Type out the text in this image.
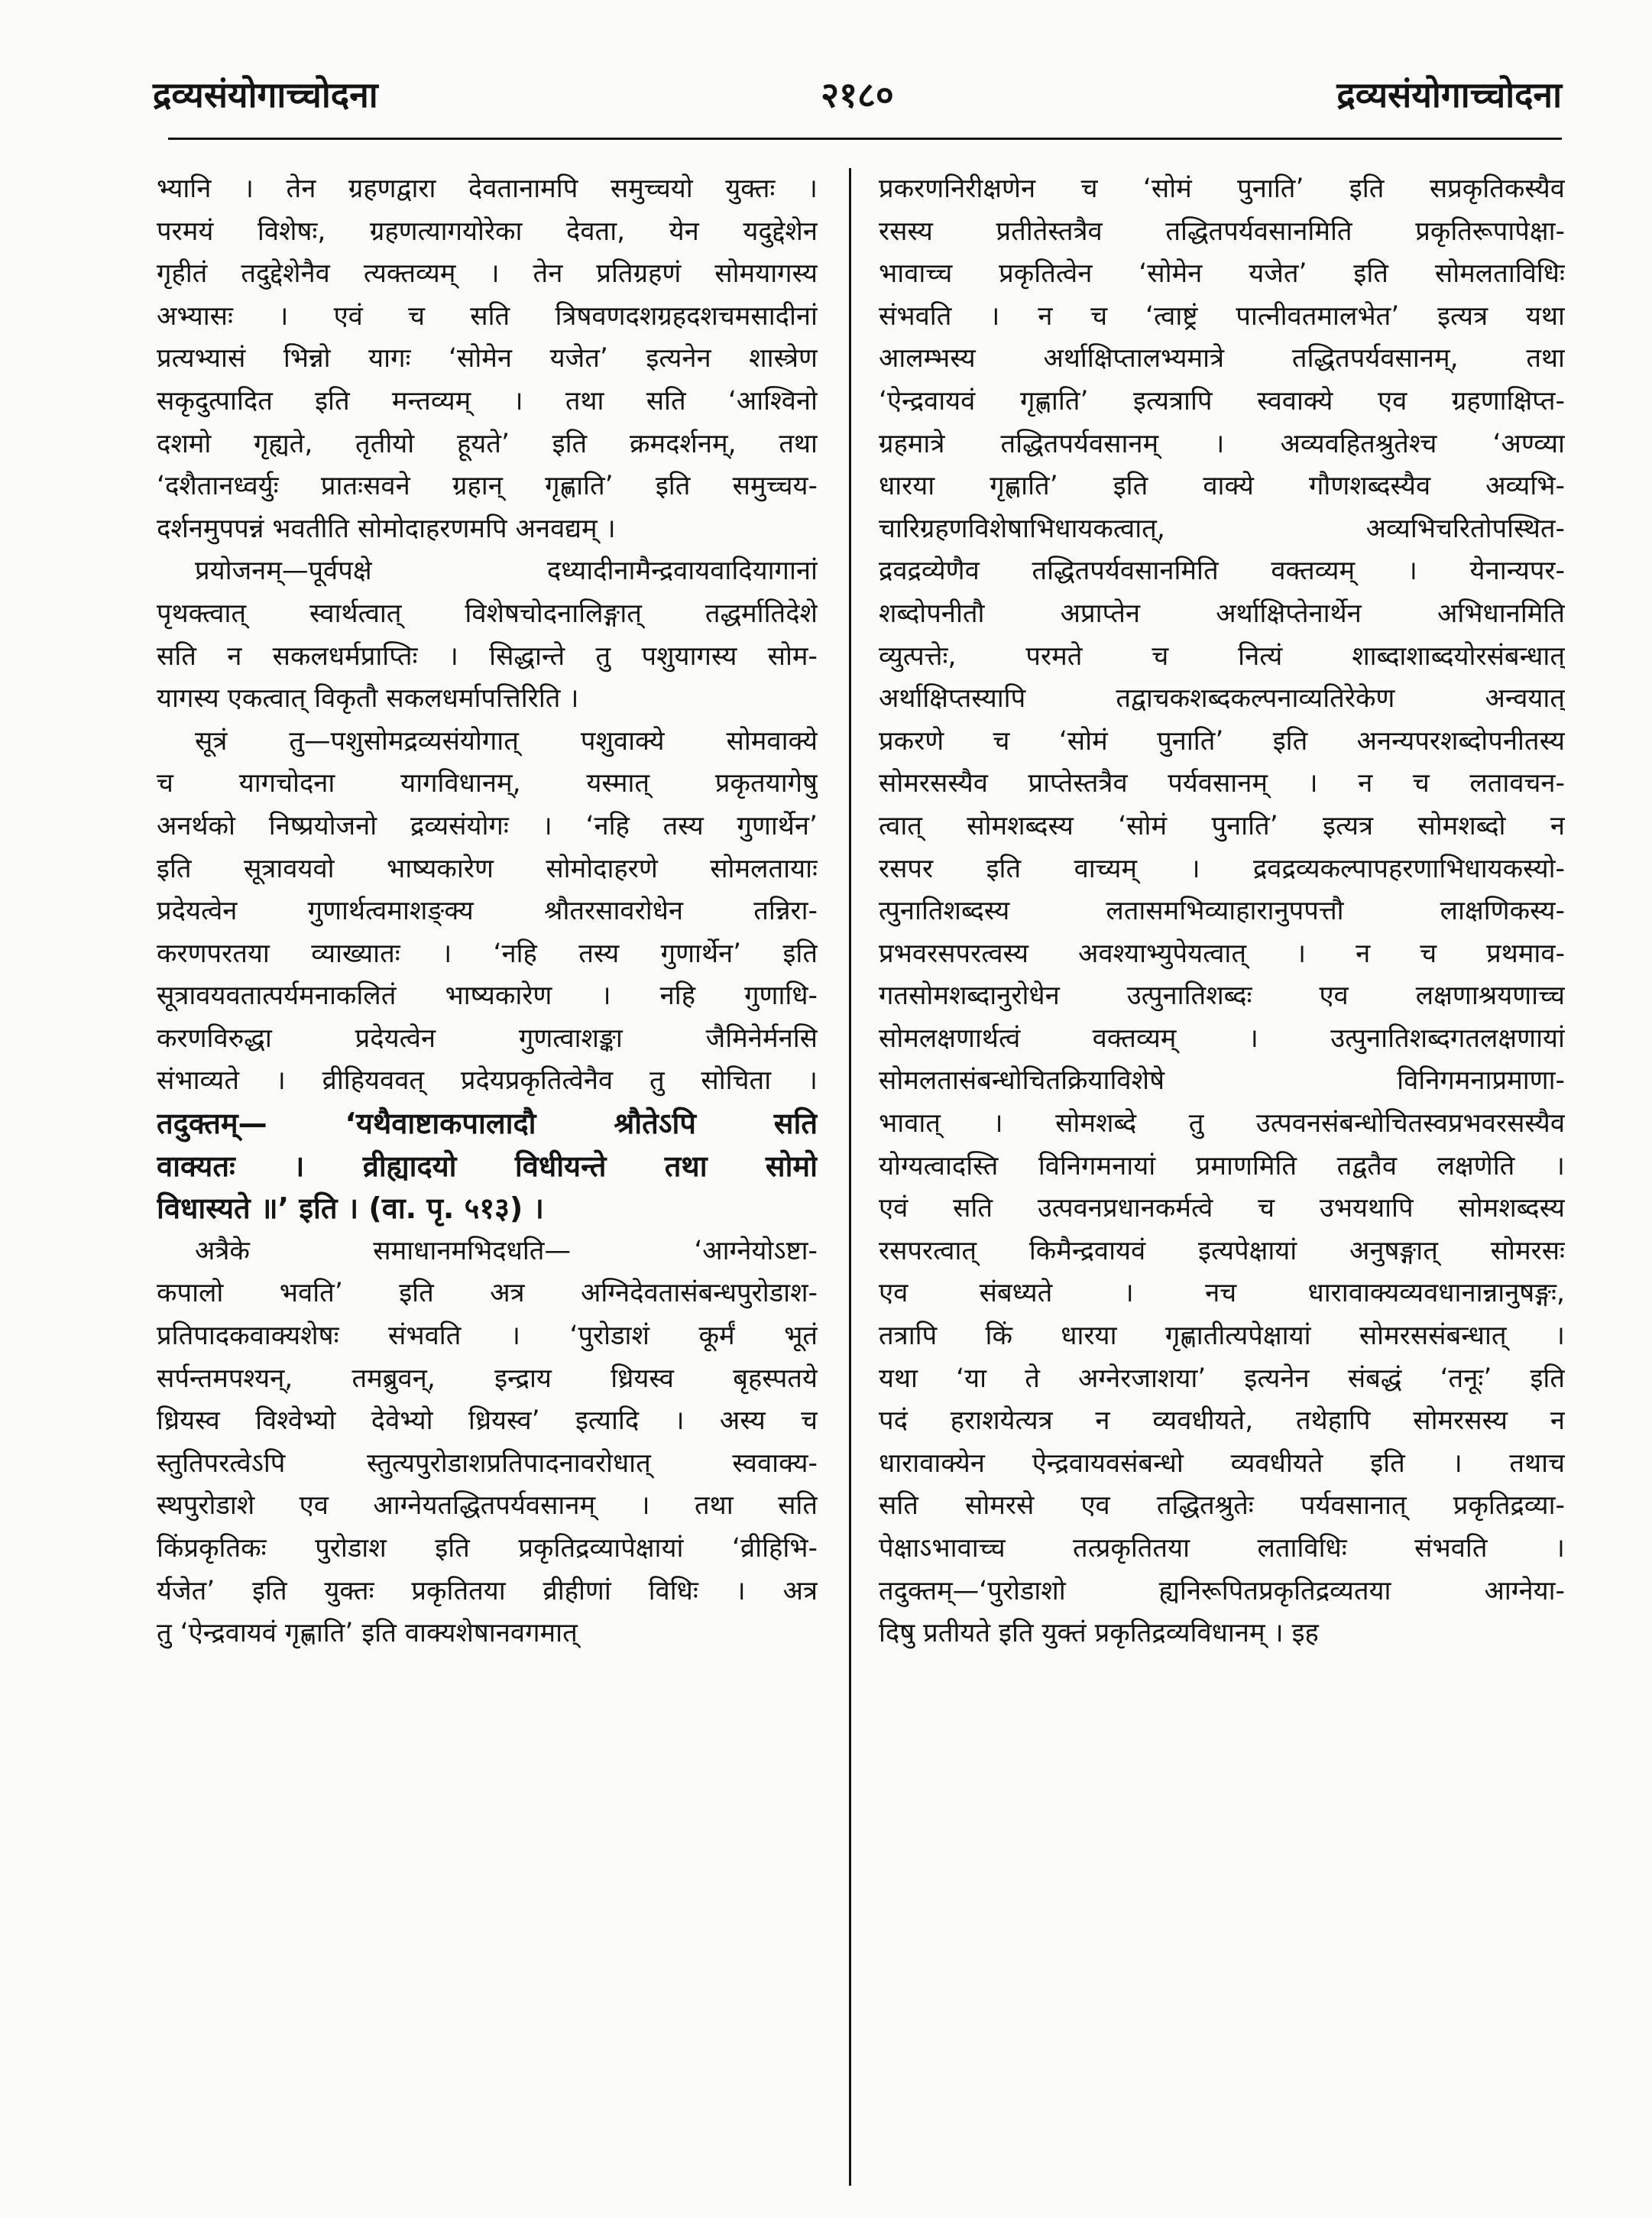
द्रव्यसंयोगाच्चोदना	२१८०	द्रव्यसंयोगाच्चोदना
भ्यानि । तेन ग्रहणद्वारा देवतानामपि समुच्चयो युक्तः ।
परमयं विशेषः, ग्रहणत्यागयोरेका देवता, येन यदुद्देशेन
गृहीतं तदुद्देशेनैव त्यक्तव्यम् । तेन प्रतिग्रहणं सोमयागस्य
अभ्यासः । एवं च सति त्रिषवणदशग्रहदशचमसादीनां
प्रत्यभ्यासं भिन्नो यागः ‘सोमेन यजेत’ इत्यनेन शास्त्रेण
सकृदुत्पादित इति मन्तव्यम् । तथा सति ‘आश्विनो
दशमो गृह्यते, तृतीयो हूयते’ इति क्रमदर्शनम्, तथा
‘दशैतानध्वर्युः प्रातःसवने ग्रहान् गृह्णाति’ इति समुच्चय-
दर्शनमुपपन्नं भवतीति सोमोदाहरणमपि अनवद्यम् ।
प्रयोजनम्—पूर्वपक्षे दध्यादीनामैन्द्रवायवादियागानां
पृथक्त्वात् स्वार्थत्वात् विशेषचोदनालिङ्गात् तद्धर्मातिदेशे
सति न सकलधर्मप्राप्तिः । सिद्धान्ते तु पशुयागस्य सोम-
यागस्य एकत्वात् विकृतौ सकलधर्मापत्तिरिति ।
सूत्रं तु—पशुसोमद्रव्यसंयोगात् पशुवाक्ये सोमवाक्ये
च यागचोदना यागविधानम्, यस्मात् प्रकृतयागेषु
अनर्थको निष्प्रयोजनो द्रव्यसंयोगः । ‘नहि तस्य गुणार्थेन’
इति सूत्रावयवो भाष्यकारेण सोमोदाहरणे सोमलतायाः
प्रदेयत्वेन गुणार्थत्वमाशङ्क्य श्रौतरसावरोधेन तन्निरा-
करणपरतया व्याख्यातः । ‘नहि तस्य गुणार्थेन’ इति
सूत्रावयवतात्पर्यमनाकलितं भाष्यकारेण । नहि गुणाधि-
करणविरुद्धा प्रदेयत्वेन गुणत्वाशङ्का जैमिनेर्मनसि
संभाव्यते । व्रीहियववत् प्रदेयप्रकृतित्वेनैव तु सोचिता ।
तदुक्तम्— ‘यथैवाष्टाकपालादौ श्रौतेऽपि सति
वाक्यतः । व्रीह्यादयो विधीयन्ते तथा सोमो
विधास्यते ॥’ इति । (वा. पृ. ५१३) ।
अत्रैके समाधानमभिदधति— ‘आग्नेयोऽष्टा-
कपालो भवति’ इति अत्र अग्निदेवतासंबन्धपुरोडाश-
प्रतिपादकवाक्यशेषः संभवति । ‘पुरोडाशं कूर्मं भूतं
सर्पन्तमपश्यन्, तमब्रुवन्, इन्द्राय ध्रियस्व बृहस्पतये
ध्रियस्व विश्वेभ्यो देवेभ्यो ध्रियस्व’ इत्यादि । अस्य च
स्तुतिपरत्वेऽपि स्तुत्यपुरोडाशप्रतिपादनावरोधात् स्ववाक्य-
स्थपुरोडाशे एव आग्नेयतद्धितपर्यवसानम् । तथा सति
किंप्रकृतिकः पुरोडाश इति प्रकृतिद्रव्यापेक्षायां ‘व्रीहिभि-
र्यजेत’ इति युक्तः प्रकृतितया व्रीहीणां विधिः । अत्र
तु ‘ऐन्द्रवायवं गृह्णाति’ इति वाक्यशेषानवगमात्
प्रकरणनिरीक्षणेन च ‘सोमं पुनाति’ इति सप्रकृतिकस्यैव
रसस्य प्रतीतेस्तत्रैव तद्धितपर्यवसानमिति प्रकृतिरूपापेक्षा-
भावाच्च प्रकृतित्वेन ‘सोमेन यजेत’ इति सोमलताविधिः
संभवति । न च ‘त्वाष्ट्रं पात्नीवतमालभेत’ इत्यत्र यथा
आलम्भस्य अर्थाक्षिप्तालभ्यमात्रे तद्धितपर्यवसानम्, तथा
‘ऐन्द्रवायवं गृह्णाति’ इत्यत्रापि स्ववाक्ये एव ग्रहणाक्षिप्त-
ग्रहमात्रे तद्धितपर्यवसानम् । अव्यवहितश्रुतेश्च ‘अण्व्या
धारया गृह्णाति’ इति वाक्ये गौणशब्दस्यैव अव्यभि-
चारिग्रहणविशेषाभिधायकत्वात्, अव्यभिचरितोपस्थित-
द्रवद्रव्येणैव तद्धितपर्यवसानमिति वक्तव्यम् । येनान्यपर-
शब्दोपनीतौ अप्राप्तेन अर्थाक्षिप्तेनार्थेन अभिधानमिति
व्युत्पत्तेः, परमते च नित्यं शाब्दाशाब्दयोरसंबन्धात्
अर्थाक्षिप्तस्यापि तद्वाचकशब्दकल्पनाव्यतिरेकेण अन्वयात्
प्रकरणे च ‘सोमं पुनाति’ इति अनन्यपरशब्दोपनीतस्य
सोमरसस्यैव प्राप्तेस्तत्रैव पर्यवसानम् । न च लतावचन-
त्वात् सोमशब्दस्य ‘सोमं पुनाति’ इत्यत्र सोमशब्दो न
रसपर इति वाच्यम् । द्रवद्रव्यकल्पापहरणाभिधायकस्यो-
त्पुनातिशब्दस्य लतासमभिव्याहारानुपपत्तौ लाक्षणिकस्य-
प्रभवरसपरत्वस्य अवश्याभ्युपेयत्वात् । न च प्रथमाव-
गतसोमशब्दानुरोधेन उत्पुनातिशब्दः एव लक्षणाश्रयणाच्च
सोमलक्षणार्थत्वं वक्तव्यम् । उत्पुनातिशब्दगतलक्षणायां
सोमलतासंबन्धोचितक्रियाविशेषे विनिगमनाप्रमाणा-
भावात् । सोमशब्दे तु उत्पवनसंबन्धोचितस्वप्रभवरसस्यैव
योग्यत्वादस्ति विनिगमनायां प्रमाणमिति तद्वतैव लक्षणेति ।
एवं सति उत्पवनप्रधानकर्मत्वे च उभयथापि सोमशब्दस्य
रसपरत्वात् किमैन्द्रवायवं इत्यपेक्षायां अनुषङ्गात् सोमरसः
एव संबध्यते । नच धारावाक्यव्यवधानान्नानुषङ्गः,
तत्रापि किं धारया गृह्णातीत्यपेक्षायां सोमरससंबन्धात् ।
यथा ‘या ते अग्नेरजाशया’ इत्यनेन संबद्धं ‘तनूः’ इति
पदं हराशयेत्यत्र न व्यवधीयते, तथेहापि सोमरसस्य न
धारावाक्येन ऐन्द्रवायवसंबन्धो व्यवधीयते इति । तथाच
सति सोमरसे एव तद्धितश्रुतेः पर्यवसानात् प्रकृतिद्रव्या-
पेक्षाऽभावाच्च तत्प्रकृतितया लताविधिः संभवति ।
तदुक्तम्—‘पुरोडाशो ह्यनिरूपितप्रकृतिद्रव्यतया आग्नेया-
दिषु प्रतीयते इति युक्तं प्रकृतिद्रव्यविधानम् । इह
